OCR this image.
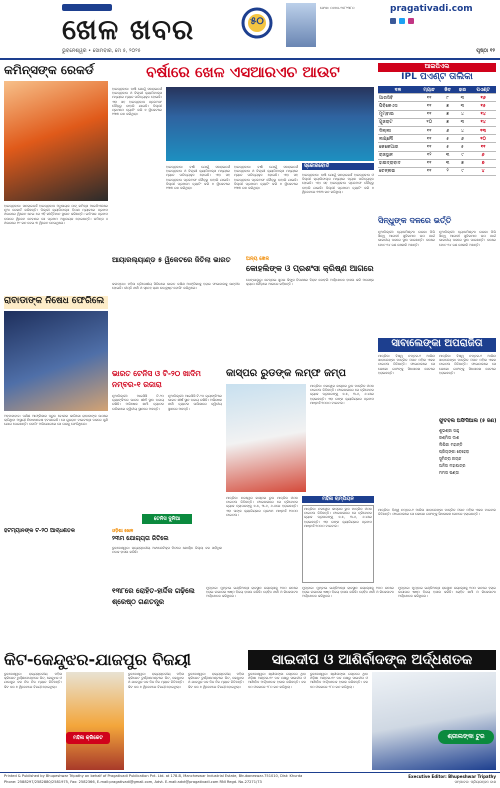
ଖେଳ ଖବର
ଭୁବନେଶ୍ୱର • ସୋମବାର, ମେ ୫, ୨୦୨୫
୫୦
ଫୋନ: ୦୬୭୪-୨୫୮୨୩୮୦	pragativadi.com
ପୃଷ୍ଠା ୧୨
କମିନ୍ସଙ୍କ ରେକର୍ଡ
ହାଇଦ୍ରାବାଦ: ସନରାଇଜର୍ସ ହାଇଦ୍ରାବାଦ ଅଧିନାୟକ ପାଟ୍ କମିନ୍ସ ଆଇପିଏଲରେ ନୂଆ ରେକର୍ଡ କରିଛନ୍ତି। ଦିଲ୍ଲୀ କ୍ୟାପିଟାଲ୍ସ ବିପକ୍ଷ ମ୍ୟାଚରେ ପ୍ରଥମ ଓଭରରେ ୱିକେଟ ନେଇ ସେ ଏହି କୀର୍ତ୍ତିମାନ ସ୍ଥାପନ କରିଛନ୍ତି। ଇନିଂସର ପ୍ରଥମ ବଲରେ ୱିକେଟ ନେବାରେ ସେ ପ୍ରଥମ ଅଧିନାୟକ ହୋଇଛନ୍ତି। କମିନ୍ସ ୪ ଓଭରରେ ୧୯ ରନ ଦେଇ ୩ ୱିକେଟ ନେଇଥିଲେ।
ରାବାଡାଙ୍କ ନିଷେଧ ଫେରିଲେ
ଅହମଦାବାଦ: ଦକ୍ଷିଣ ଆଫ୍ରିକାର ଦ୍ରୁତ ବୋଲର କାଗିସୋ ରାବାଡାଙ୍କ ଉପରେ ଲାଗିଥିବା ଅସ୍ଥାୟୀ ନିଷେଧାଦେଶ ହଟାଯାଇଛି। ସେ ଗୁଜରାଟ ଟାଇଟାନ୍ସ ଦଳରେ ପୁଣି ଯୋଗ ଦେଇଛନ୍ତି। ଡୋପିଂ ଅଭିଯୋଗରେ ସେ ଘରକୁ ଫେରିଥିଲେ।
ହିଟମ୍ୟାନଙ୍କ ଟି-୨୦ ଆର୍ଦ୍ଧଶତକ
ବର୍ଷାରେ ଖେଳ ଏସଆରଏଚ ଆଉଟ
ହାଇଦ୍ରାବାଦ: ବର୍ଷା ଯୋଗୁଁ ସନରାଇଜର୍ସ ହାଇଦ୍ରାବାଦ ଓ ଦିଲ୍ଲୀ କ୍ୟାପିଟାଲ୍ସ ମଧ୍ୟରେ ମ୍ୟାଚ ପରିତ୍ୟକ୍ତ ହୋଇଛି। ଏହା ସହ ହାଇଦ୍ରାବାଦ ପ୍ଲେଅଫ ଦୌଡ଼ରୁ ବାହାରି ଯାଇଛି। ଦିଲ୍ଲୀ ପ୍ରଥମେ ବ୍ୟାଟିଂ କରି ୭ ୱିକେଟରେ ୧୩୩ ରନ କରିଥିଲା।
ସ୍କୋରବୋର୍ଡ
ହାଇଦ୍ରାବାଦ: ବର୍ଷା ଯୋଗୁଁ ସନରାଇଜର୍ସ ହାଇଦ୍ରାବାଦ ଓ ଦିଲ୍ଲୀ କ୍ୟାପିଟାଲ୍ସ ମଧ୍ୟରେ ମ୍ୟାଚ ପରିତ୍ୟକ୍ତ ହୋଇଛି। ଏହା ସହ ହାଇଦ୍ରାବାଦ ପ୍ଲେଅଫ ଦୌଡ଼ରୁ ବାହାରି ଯାଇଛି। ଦିଲ୍ଲୀ ପ୍ରଥମେ ବ୍ୟାଟିଂ କରି ୭ ୱିକେଟରେ ୧୩୩ ରନ କରିଥିଲା।
ହାଇଦ୍ରାବାଦ: ବର୍ଷା ଯୋଗୁଁ ସନରାଇଜର୍ସ ହାଇଦ୍ରାବାଦ ଓ ଦିଲ୍ଲୀ କ୍ୟାପିଟାଲ୍ସ ମଧ୍ୟରେ ମ୍ୟାଚ ପରିତ୍ୟକ୍ତ ହୋଇଛି। ଏହା ସହ ହାଇଦ୍ରାବାଦ ପ୍ଲେଅଫ ଦୌଡ଼ରୁ ବାହାରି ଯାଇଛି। ଦିଲ୍ଲୀ ପ୍ରଥମେ ବ୍ୟାଟିଂ କରି ୭ ୱିକେଟରେ ୧୩୩ ରନ କରିଥିଲା।
ହାଇଦ୍ରାବାଦ: ବର୍ଷା ଯୋଗୁଁ ସନରାଇଜର୍ସ ହାଇଦ୍ରାବାଦ ଓ ଦିଲ୍ଲୀ କ୍ୟାପିଟାଲ୍ସ ମଧ୍ୟରେ ମ୍ୟାଚ ପରିତ୍ୟକ୍ତ ହୋଇଛି। ଏହା ସହ ହାଇଦ୍ରାବାଦ ପ୍ଲେଅଫ ଦୌଡ଼ରୁ ବାହାରି ଯାଇଛି। ଦିଲ୍ଲୀ ପ୍ରଥମେ ବ୍ୟାଟିଂ କରି ୭ ୱିକେଟରେ ୧୩୩ ରନ କରିଥିଲା।
ଆଇପିଏଲ
IPL ପଏଣ୍ଟ ତାଲିକା
ଦଳ	ମ୍ୟାଚ	ଜିତ	ହାର	ପଏଣ୍ଟ
ଆରସିବି	୧୧	୮	୩	୧୬
ପିବିକେଏସ	୧୧	୭	୩	୧୫
ମୁମ୍ବାଇ	୧୧	୭	୪	୧୪
ଗୁଜରାଟ	୧୦	୭	୩	୧୪
ଦିଲ୍ଲୀ	୧୧	୬	୪	୧୩
ଲକ୍ଷ୍ନୌ	୧୧	୫	୬	୧୦
କେକେଆର	୧୧	୫	୫	୧୧
ରାଜସ୍ଥାନ	୧୨	୩	୯	୬
ହାଇଦ୍ରାବାଦ	୧୧	୩	୭	୭
ଚେନ୍ନାଇ	୧୧	୨	୯	୪
ସିନ୍ଧୁଙ୍କ ଦଳରେ ଭର୍ତ୍ତି
ନୂଆଦିଲ୍ଲୀ: ବ୍ୟାଡମିଣ୍ଟନ ତାରକା ପିଭି ସିନ୍ଧୁ ଆଗାମୀ ସୁଦିରମାନ କପ ପାଇଁ ଭାରତୀୟ ଦଳରେ ସ୍ଥାନ ପାଇଛନ୍ତି। ଦଳରେ ମୋଟ ୧୪ ଜଣ ଖେଳାଳି ଅଛନ୍ତି।
ନୂଆଦିଲ୍ଲୀ: ବ୍ୟାଡମିଣ୍ଟନ ତାରକା ପିଭି ସିନ୍ଧୁ ଆଗାମୀ ସୁଦିରମାନ କପ ପାଇଁ ଭାରତୀୟ ଦଳରେ ସ୍ଥାନ ପାଇଛନ୍ତି। ଦଳରେ ମୋଟ ୧୪ ଜଣ ଖେଳାଳି ଅଛନ୍ତି।
ଆୟାରଲ୍ୟାଣ୍ଡ ୫ ୱିକେଟରେ ଜିତିଲା ଭାରତ
କଲମ୍ବୋ: ମହିଳା ତ୍ରିଦେଶୀୟ ସିରିଜରେ ଭାରତ ଦକ୍ଷିଣ ଆଫ୍ରିକାକୁ ହରାଇ ଫାଇନାଲକୁ ଉନ୍ନୀତ ହୋଇଛି। ଦୀପ୍ତି ଶର୍ମା ଓ ସ୍ନେହ ରାଣା ଉତ୍କୃଷ୍ଟ ବୋଲିଂ କରିଥିଲେ।
ଅନ୍ୟ ଖେଳ
କୋହଲିଙ୍କ ଓ ପ୍ରଶଂସା କ୍ରିଷ୍ଣ ଆଗରେ
ବେଙ୍ଗାଲୁରୁ: ଚେନ୍ନାଇ ସୁପର କିଙ୍ଗ୍ସ ବିପକ୍ଷରେ ବିରାଟ କୋହଲି ଅର୍ଦ୍ଧଶତକ ହାସଲ କରି ଅରେଞ୍ଜ କ୍ୟାପ ଦୌଡ଼ରେ ଆଗରେ ରହିଛନ୍ତି।
ଭାରତ ଟେନିସ ଓ ଟି-୨୦ ଖାଦିମ ନମ୍ବର-୧ ରଜାରା
ନୂଆଦିଲ୍ଲୀ: ଆଇସିସି ଟି-୨୦ ର‌୍ୟାଙ୍କିଂରେ ଭାରତ ଶୀର୍ଷ ସ୍ଥାନ ବଜାୟ ରଖିଛି। ଅଭିଷେକ ଶର୍ମା ବ୍ୟାଟର ତାଲିକାରେ ଦ୍ୱିତୀୟ ସ୍ଥାନରେ ଅଛନ୍ତି।
ନୂଆଦିଲ୍ଲୀ: ଆଇସିସି ଟି-୨୦ ର‌୍ୟାଙ୍କିଂରେ ଭାରତ ଶୀର୍ଷ ସ୍ଥାନ ବଜାୟ ରଖିଛି। ଅଭିଷେକ ଶର୍ମା ବ୍ୟାଟର ତାଲିକାରେ ଦ୍ୱିତୀୟ ସ୍ଥାନରେ ଅଛନ୍ତି।
ଟେନିସ ଦୁନିଆ
ଓଡ଼ିଶା ଖେଳ
୨୩ମ ଯୋଗ୍ୟତା ଜିତିଲେ
ଭୁବନେଶ୍ୱର: ରାଜ୍ୟସ୍ତରୀୟ ଆଥଲେଟିକ୍ସ ମିଟରେ ଖୋର୍ଦ୍ଧା ଜିଲ୍ଲା ଦଳ ସର୍ବାଧିକ ପଦକ ହାସଲ କରିଛି।
କାସ୍ପର ରୁଡଙ୍କ ଲମ୍ଫ ଜମ୍ପ
ମାଡ୍ରିଡ: ନରୱେର କାସ୍ପର ରୁଡ ମାଡ୍ରିଡ ଓପନ ଟାଇଟଲ ଜିତିଛନ୍ତି। ଫାଇନାଲରେ ସେ ବ୍ରିଟେନର ଜ୍ୟାକ ଡ୍ରାପରଙ୍କୁ ୭-୫, ୩-୬, ୬-୪ରେ ହରାଇଛନ୍ତି। ଏହା ତାଙ୍କ କ୍ୟାରିୟରର ପ୍ରଥମ ମାଷ୍ଟର୍ସ ୧୦୦୦ ଟାଇଟଲ।
ମାଡ୍ରିଡ: ନରୱେର କାସ୍ପର ରୁଡ ମାଡ୍ରିଡ ଓପନ ଟାଇଟଲ ଜିତିଛନ୍ତି। ଫାଇନାଲରେ ସେ ବ୍ରିଟେନର ଜ୍ୟାକ ଡ୍ରାପରଙ୍କୁ ୭-୫, ୩-୬, ୬-୪ରେ ହରାଇଛନ୍ତି। ଏହା ତାଙ୍କ କ୍ୟାରିୟରର ପ୍ରଥମ ମାଷ୍ଟର୍ସ ୧୦୦୦ ଟାଇଟଲ।
ମହିଳା ଚାମ୍ପିୟନ
ମାଡ୍ରିଡ: ନରୱେର କାସ୍ପର ରୁଡ ମାଡ୍ରିଡ ଓପନ ଟାଇଟଲ ଜିତିଛନ୍ତି। ଫାଇନାଲରେ ସେ ବ୍ରିଟେନର ଜ୍ୟାକ ଡ୍ରାପରଙ୍କୁ ୭-୫, ୩-୬, ୬-୪ରେ ହରାଇଛନ୍ତି। ଏହା ତାଙ୍କ କ୍ୟାରିୟରର ପ୍ରଥମ ମାଷ୍ଟର୍ସ ୧୦୦୦ ଟାଇଟଲ।
ସାବାଲେଙ୍କା ଅପରାଜିତା
ମାଡ୍ରିଡ: ବିଶ୍ୱ ନମ୍ବର-୧ ଆରିନା ସାବାଲେଙ୍କା ମାଡ୍ରିଡ ଓପନ ମହିଳା ଏକକ ଟାଇଟଲ ଜିତିଛନ୍ତି। ଫାଇନାଲରେ ସେ କୋକୋ ଗଫଙ୍କୁ ସିଧାସଳଖ ସେଟରେ ହରାଇଛନ୍ତି।
ମାଡ୍ରିଡ: ବିଶ୍ୱ ନମ୍ବର-୧ ଆରିନା ସାବାଲେଙ୍କା ମାଡ୍ରିଡ ଓପନ ମହିଳା ଏକକ ଟାଇଟଲ ଜିତିଛନ୍ତି। ଫାଇନାଲରେ ସେ କୋକୋ ଗଫଙ୍କୁ ସିଧାସଳଖ ସେଟରେ ହରାଇଛନ୍ତି।
ଫୁଟବଲ ଅଫିସିଆଲ (୫ ଜଣ)
ଶୁଭଶ୍ରୀ ସାହୁ
ରଶ୍ମିତା ଦାଶ
ଲିପିକା ମହାନ୍ତି
ପ୍ରିୟଙ୍କା ବେହେରା
ସୁମିତ୍ରା ନାୟକ
ଅନିତା ମହାପାତ୍ର
ମମତା ପଣ୍ଡା
ମାଡ୍ରିଡ: ବିଶ୍ୱ ନମ୍ବର-୧ ଆରିନା ସାବାଲେଙ୍କା ମାଡ୍ରିଡ ଓପନ ମହିଳା ଏକକ ଟାଇଟଲ ଜିତିଛନ୍ତି। ଫାଇନାଲରେ ସେ କୋକୋ ଗଫଙ୍କୁ ସିଧାସଳଖ ସେଟରେ ହରାଇଛନ୍ତି।
୧୩୮ରେ ରୋହିତ-ହାର୍ଦ୍ଦିକ ଗଢ଼ିଲେ ଶ୍ରେଷ୍ଠ ଗଣତନ୍ତ୍ର
ମୁମ୍ବାଇ: ମୁମ୍ବାଇ ଇଣ୍ଡିଆନ୍ସ ରାଜସ୍ଥାନ ରୟାଲ୍ସକୁ ୧୦୦ ରନରେ ହରାଇ ଲଗାତାର ଷଷ୍ଠ ବିଜୟ ହାସଲ କରିଛି। ରୋହିତ ଶର୍ମା ଓ ରିକେଲଟନ ଅର୍ଦ୍ଧଶତକ କରିଥିଲେ।
ମୁମ୍ବାଇ: ମୁମ୍ବାଇ ଇଣ୍ଡିଆନ୍ସ ରାଜସ୍ଥାନ ରୟାଲ୍ସକୁ ୧୦୦ ରନରେ ହରାଇ ଲଗାତାର ଷଷ୍ଠ ବିଜୟ ହାସଲ କରିଛି। ରୋହିତ ଶର୍ମା ଓ ରିକେଲଟନ ଅର୍ଦ୍ଧଶତକ କରିଥିଲେ।
ମୁମ୍ବାଇ: ମୁମ୍ବାଇ ଇଣ୍ଡିଆନ୍ସ ରାଜସ୍ଥାନ ରୟାଲ୍ସକୁ ୧୦୦ ରନରେ ହରାଇ ଲଗାତାର ଷଷ୍ଠ ବିଜୟ ହାସଲ କରିଛି। ରୋହିତ ଶର୍ମା ଓ ରିକେଲଟନ ଅର୍ଦ୍ଧଶତକ କରିଥିଲେ।
କିଟ-କେନ୍ଦୁଝର-ଯାଜପୁର ବିଜୟୀ
ଭୁବନେଶ୍ୱର: ରାଜ୍ୟସ୍ତରୀୟ ମହିଳା କ୍ରିକେଟ ଟୁର୍ଣ୍ଣାମେଣ୍ଟରେ କିଟ, କେନ୍ଦୁଝର ଓ ଯାଜପୁର ଦଳ ନିଜ ନିଜ ମ୍ୟାଚ ଜିତିଛନ୍ତି। କିଟ ଦଳ ୭ ୱିକେଟରେ ବିଜୟୀ ହୋଇଥିଲା।
ମହିଳା କ୍ରିକେଟ
ଭୁବନେଶ୍ୱର: ରାଜ୍ୟସ୍ତରୀୟ ମହିଳା କ୍ରିକେଟ ଟୁର୍ଣ୍ଣାମେଣ୍ଟରେ କିଟ, କେନ୍ଦୁଝର ଓ ଯାଜପୁର ଦଳ ନିଜ ନିଜ ମ୍ୟାଚ ଜିତିଛନ୍ତି। କିଟ ଦଳ ୭ ୱିକେଟରେ ବିଜୟୀ ହୋଇଥିଲା।
ଭୁବନେଶ୍ୱର: ରାଜ୍ୟସ୍ତରୀୟ ମହିଳା କ୍ରିକେଟ ଟୁର୍ଣ୍ଣାମେଣ୍ଟରେ କିଟ, କେନ୍ଦୁଝର ଓ ଯାଜପୁର ଦଳ ନିଜ ନିଜ ମ୍ୟାଚ ଜିତିଛନ୍ତି। କିଟ ଦଳ ୭ ୱିକେଟରେ ବିଜୟୀ ହୋଇଥିଲା।
ସାଇଦୀପ ଓ ଆଶିର୍ବାଦଙ୍କ ଅର୍ଦ୍ଧଶତକ
ଭୁବନେଶ୍ୱର: ଶ୍ରୀଲଙ୍କା ଗସ୍ତରେ ଥିବା ଓଡ଼ିଶା ଅଣ୍ଡର-୧୯ ଦଳ ପକ୍ଷରୁ ସାଇଦୀପ ଓ ଆଶିର୍ବାଦ ଅର୍ଦ୍ଧଶତକ ହାସଲ କରିଛନ୍ତି। ଦଳ ୫୦ ଓଭରରେ ୨୮୦ ରନ କରିଥିଲା।
ଭୁବନେଶ୍ୱର: ଶ୍ରୀଲଙ୍କା ଗସ୍ତରେ ଥିବା ଓଡ଼ିଶା ଅଣ୍ଡର-୧୯ ଦଳ ପକ୍ଷରୁ ସାଇଦୀପ ଓ ଆଶିର୍ବାଦ ଅର୍ଦ୍ଧଶତକ ହାସଲ କରିଛନ୍ତି। ଦଳ ୫୦ ଓଭରରେ ୨୮୦ ରନ କରିଥିଲା।
ଶ୍ରୀଲଙ୍କା ଟୁର
Printed & Published by Bhupeshwar Tripathy on behalf of Pragativadi Publication Pvt. Ltd. at 178-B, Mancheswar Industrial Estate, Bhubaneswar-751010, Dist: Khurda
Phone: 2588297/2582880/2581975, Fax: 2582366, E-mail:pragativadi@gmail.com, Advt. E-mail:advt@pragativadi.com RNI Regd. No-27271/73
Executive Editor: Bhupeshwar Tripathy
ସମ୍ପାଦକ: ପ୍ରିୟରଞ୍ଜନ ଦାଶ
